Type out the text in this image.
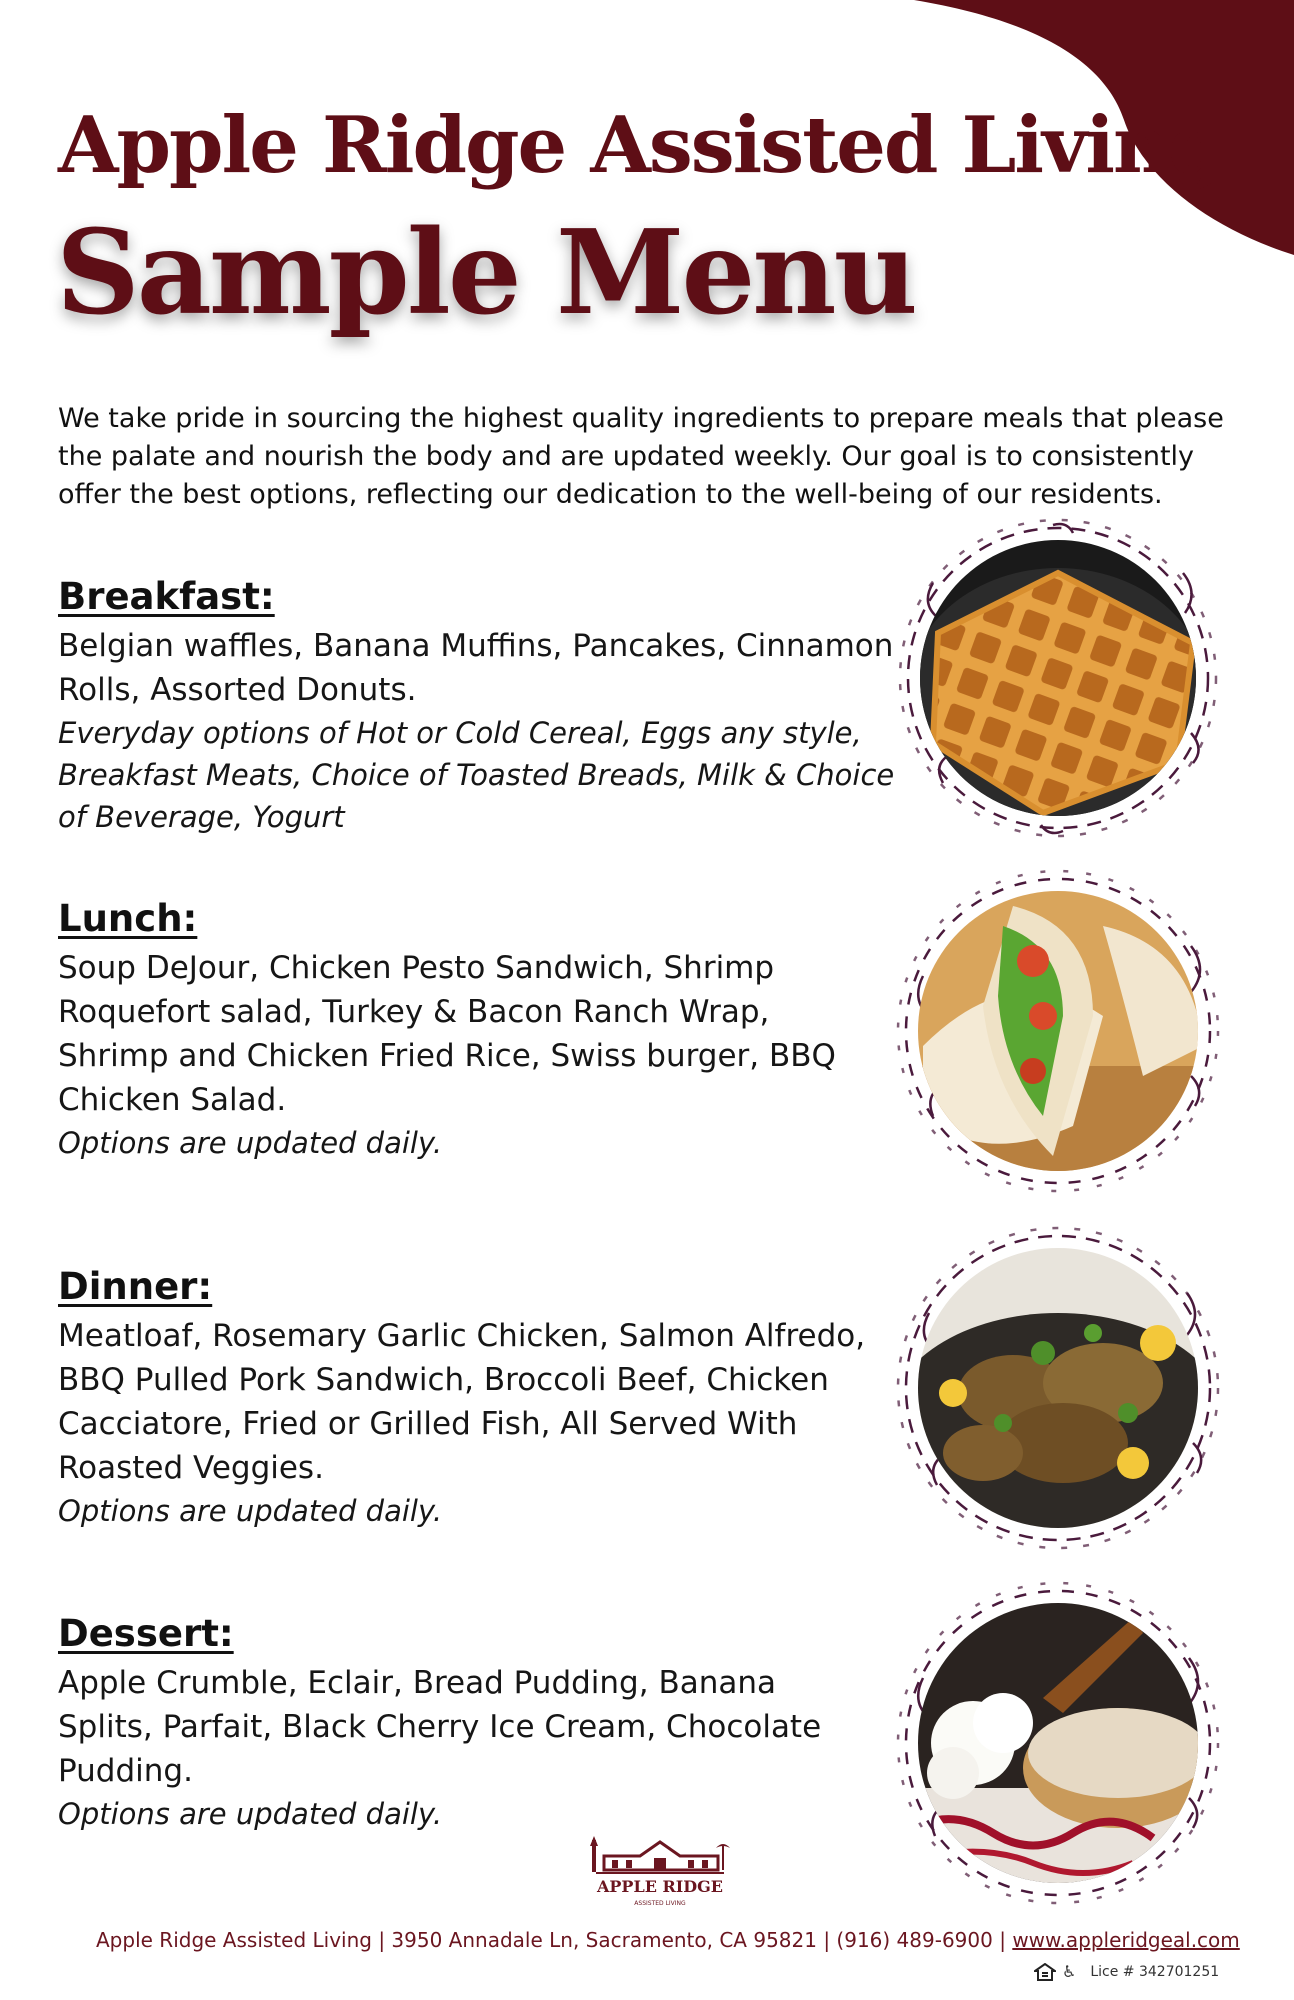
Apple Ridge Assisted Living
Sample Menu

We take pride in sourcing the highest quality ingredients to prepare meals that please the palate and nourish the body and are updated weekly. Our goal is to consistently offer the best options, reflecting our dedication to the well-being of our residents.

Breakfast:

Belgian waffles, Banana Muffins, Pancakes, Cinnamon Rolls, Assorted Donuts.

Everyday options of Hot or Cold Cereal, Eggs any style, Breakfast Meats, Choice of Toasted Breads, Milk & Choice of Beverage, Yogurt

Lunch:

Soup DeJour, Chicken Pesto Sandwich, Shrimp Roquefort salad, Turkey & Bacon Ranch Wrap, Shrimp and Chicken Fried Rice, Swiss burger, BBQ Chicken Salad.

Options are updated daily.

Dinner:

Meatloaf, Rosemary Garlic Chicken, Salmon Alfredo, BBQ Pulled Pork Sandwich, Broccoli Beef, Chicken Cacciatore, Fried or Grilled Fish, All Served With Roasted Veggies.

Options are updated daily.

Dessert:

Apple Crumble, Eclair, Bread Pudding, Banana Splits, Parfait, Black Cherry Ice Cream, Chocolate Pudding.

Options are updated daily.

APPLE RIDGE
ASSISTED LIVING
Apple Ridge Assisted Living | 3950 Annadale Ln, Sacramento, CA 95821 | (916) 489-6900 | www.appleridgeal.com
♿ Lice # 342701251
